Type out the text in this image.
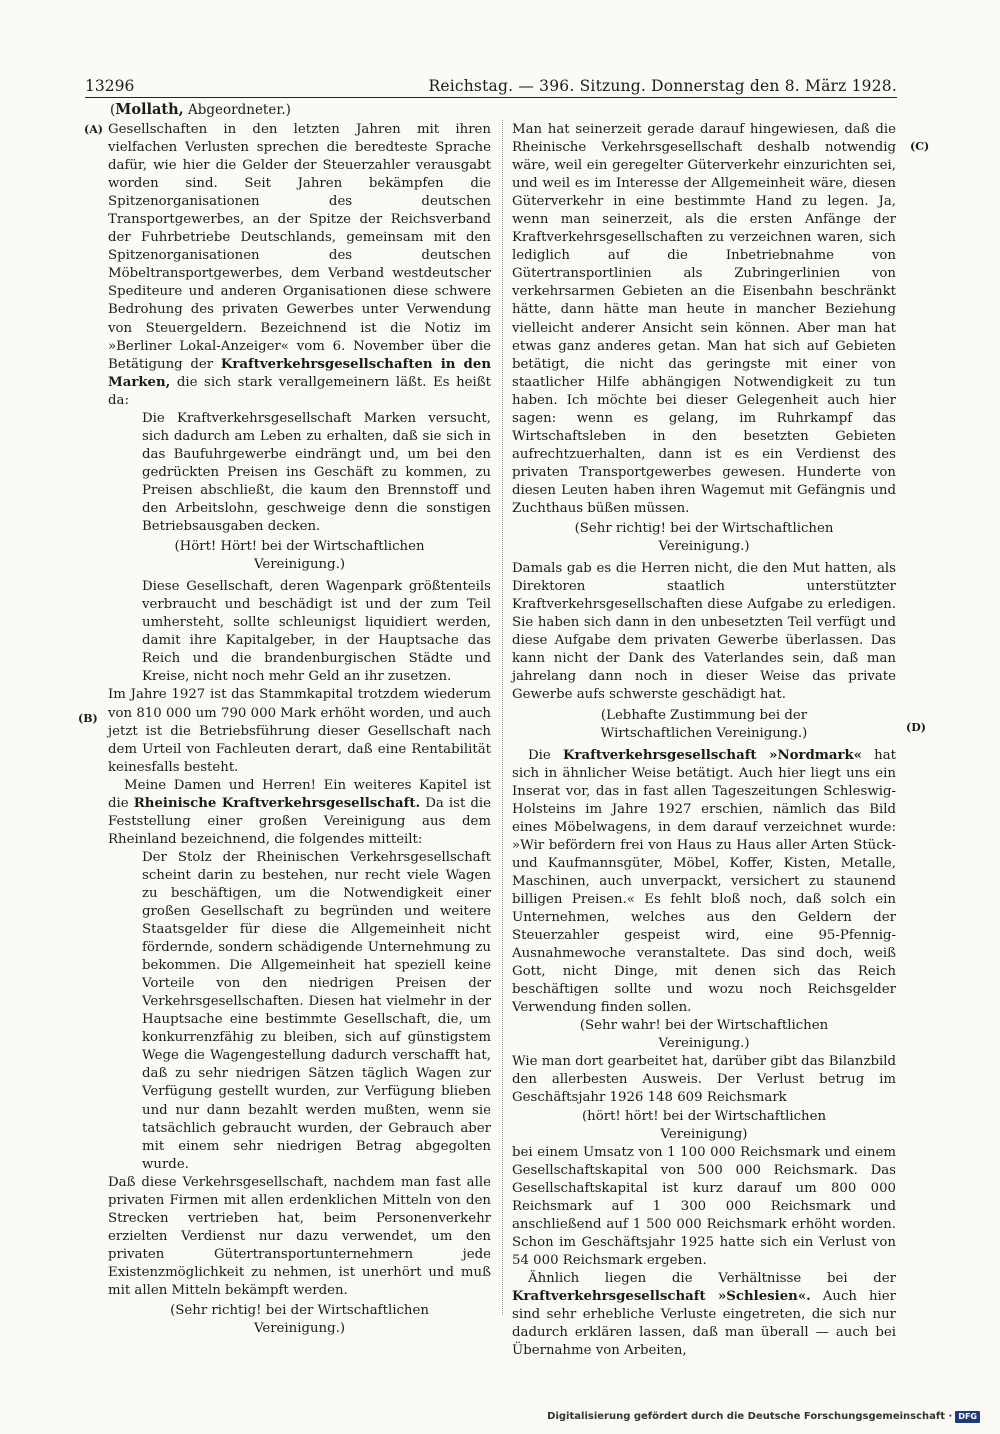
13296	Reichstag. — 396. Sitzung. Donnerstag den 8. März 1928.
(Mollath, Abgeordneter.)
(A)
(B)
(C)
(D)

Gesellschaften in den letzten Jahren mit ihren vielfachen Verlusten sprechen die beredteste Sprache dafür, wie hier die Gelder der Steuerzahler verausgabt worden sind. Seit Jahren bekämpfen die Spitzenorganisationen des deutschen Transportgewerbes, an der Spitze der Reichsverband der Fuhrbetriebe Deutschlands, gemeinsam mit den Spitzenorganisationen des deutschen Möbeltransportgewerbes, dem Verband westdeutscher Spediteure und anderen Organisationen diese schwere Bedrohung des privaten Gewerbes unter Verwendung von Steuergeldern. Bezeichnend ist die Notiz im »Berliner Lokal-Anzeiger« vom 6. November über die Betätigung der Kraftverkehrsgesellschaften in den Marken, die sich stark verallgemeinern läßt. Es heißt da:

Die Kraftverkehrsgesellschaft Marken versucht, sich dadurch am Leben zu erhalten, daß sie sich in das Baufuhrgewerbe eindrängt und, um bei den gedrückten Preisen ins Geschäft zu kommen, zu Preisen abschließt, die kaum den Brennstoff und den Arbeitslohn, geschweige denn die sonstigen Betriebsausgaben decken.

(Hört! Hört! bei der Wirtschaftlichen Vereinigung.)

Diese Gesellschaft, deren Wagenpark größtenteils verbraucht und beschädigt ist und der zum Teil umhersteht, sollte schleunigst liquidiert werden, damit ihre Kapitalgeber, in der Hauptsache das Reich und die brandenburgischen Städte und Kreise, nicht noch mehr Geld an ihr zusetzen.

Im Jahre 1927 ist das Stammkapital trotzdem wiederum von 810 000 um 790 000 Mark erhöht worden, und auch jetzt ist die Betriebsführung dieser Gesellschaft nach dem Urteil von Fachleuten derart, daß eine Rentabilität keinesfalls besteht.

Meine Damen und Herren! Ein weiteres Kapitel ist die Rheinische Kraftverkehrsgesellschaft. Da ist die Feststellung einer großen Vereinigung aus dem Rheinland bezeichnend, die folgendes mitteilt:

Der Stolz der Rheinischen Verkehrsgesellschaft scheint darin zu bestehen, nur recht viele Wagen zu beschäftigen, um die Notwendigkeit einer großen Gesellschaft zu begründen und weitere Staatsgelder für diese die Allgemeinheit nicht fördernde, sondern schädigende Unternehmung zu bekommen. Die Allgemeinheit hat speziell keine Vorteile von den niedrigen Preisen der Verkehrsgesellschaften. Diesen hat vielmehr in der Hauptsache eine bestimmte Gesellschaft, die, um konkurrenzfähig zu bleiben, sich auf günstigstem Wege die Wagengestellung dadurch verschafft hat, daß zu sehr niedrigen Sätzen täglich Wagen zur Verfügung gestellt wurden, zur Verfügung blieben und nur dann bezahlt werden mußten, wenn sie tatsächlich gebraucht wurden, der Gebrauch aber mit einem sehr niedrigen Betrag abgegolten wurde.

Daß diese Verkehrsgesellschaft, nachdem man fast alle privaten Firmen mit allen erdenklichen Mitteln von den Strecken vertrieben hat, beim Personenverkehr erzielten Verdienst nur dazu verwendet, um den privaten Gütertransportunternehmern jede Existenzmöglichkeit zu nehmen, ist unerhört und muß mit allen Mitteln bekämpft werden.

(Sehr richtig! bei der Wirtschaftlichen Vereinigung.)

Man hat seinerzeit gerade darauf hingewiesen, daß die Rheinische Verkehrsgesellschaft deshalb notwendig wäre, weil ein geregelter Güterverkehr einzurichten sei, und weil es im Interesse der Allgemeinheit wäre, diesen Güterverkehr in eine bestimmte Hand zu legen. Ja, wenn man seinerzeit, als die ersten Anfänge der Kraftverkehrsgesellschaften zu verzeichnen waren, sich lediglich auf die Inbetriebnahme von Gütertransportlinien als Zubringerlinien von verkehrsarmen Gebieten an die Eisenbahn beschränkt hätte, dann hätte man heute in mancher Beziehung vielleicht anderer Ansicht sein können. Aber man hat etwas ganz anderes getan. Man hat sich auf Gebieten betätigt, die nicht das geringste mit einer von staatlicher Hilfe abhängigen Notwendigkeit zu tun haben. Ich möchte bei dieser Gelegenheit auch hier sagen: wenn es gelang, im Ruhrkampf das Wirtschaftsleben in den besetzten Gebieten aufrechtzuerhalten, dann ist es ein Verdienst des privaten Transportgewerbes gewesen. Hunderte von diesen Leuten haben ihren Wagemut mit Gefängnis und Zuchthaus büßen müssen.

(Sehr richtig! bei der Wirtschaftlichen Vereinigung.)

Damals gab es die Herren nicht, die den Mut hatten, als Direktoren staatlich unterstützter Kraftverkehrsgesellschaften diese Aufgabe zu erledigen. Sie haben sich dann in den unbesetzten Teil verfügt und diese Aufgabe dem privaten Gewerbe überlassen. Das kann nicht der Dank des Vaterlandes sein, daß man jahrelang dann noch in dieser Weise das private Gewerbe aufs schwerste geschädigt hat.

(Lebhafte Zustimmung bei der Wirtschaftlichen Vereinigung.)

Die Kraftverkehrsgesellschaft »Nordmark« hat sich in ähnlicher Weise betätigt. Auch hier liegt uns ein Inserat vor, das in fast allen Tageszeitungen Schleswig-Holsteins im Jahre 1927 erschien, nämlich das Bild eines Möbelwagens, in dem darauf verzeichnet wurde: »Wir befördern frei von Haus zu Haus aller Arten Stück- und Kaufmannsgüter, Möbel, Koffer, Kisten, Metalle, Maschinen, auch unverpackt, versichert zu staunend billigen Preisen.« Es fehlt bloß noch, daß solch ein Unternehmen, welches aus den Geldern der Steuerzahler gespeist wird, eine 95-Pfennig-Ausnahmewoche veranstaltete. Das sind doch, weiß Gott, nicht Dinge, mit denen sich das Reich beschäftigen sollte und wozu noch Reichsgelder Verwendung finden sollen.

(Sehr wahr! bei der Wirtschaftlichen Vereinigung.)

Wie man dort gearbeitet hat, darüber gibt das Bilanzbild den allerbesten Ausweis. Der Verlust betrug im Geschäftsjahr 1926 148 609 Reichsmark

(hört! hört! bei der Wirtschaftlichen Vereinigung)

bei einem Umsatz von 1 100 000 Reichsmark und einem Gesellschaftskapital von 500 000 Reichsmark. Das Gesellschaftskapital ist kurz darauf um 800 000 Reichsmark auf 1 300 000 Reichsmark und anschließend auf 1 500 000 Reichsmark erhöht worden. Schon im Geschäftsjahr 1925 hatte sich ein Verlust von 54 000 Reichsmark ergeben.

Ähnlich liegen die Verhältnisse bei der Kraftverkehrsgesellschaft »Schlesien«. Auch hier sind sehr erhebliche Verluste eingetreten, die sich nur dadurch erklären lassen, daß man überall — auch bei Übernahme von Arbeiten,

Digitalisierung gefördert durch die Deutsche Forschungsgemeinschaft · DFG
